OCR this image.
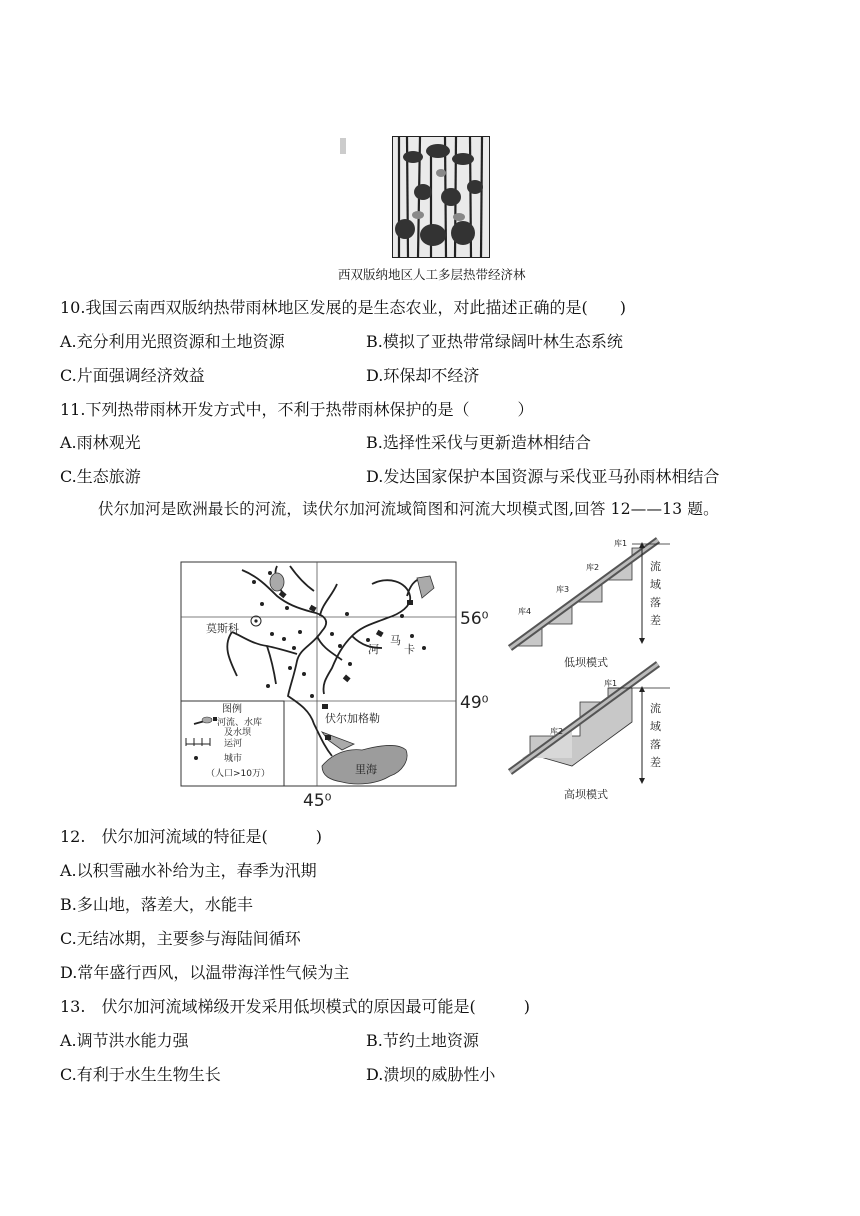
西双版纳地区人工多层热带经济林
10.我国云南西双版纳热带雨林地区发展的是生态农业，对此描述正确的是(　　)
A.充分利用光照资源和土地资源	B.模拟了亚热带常绿阔叶林生态系统
C.片面强调经济效益	D.环保却不经济
11.下列热带雨林开发方式中，不利于热带雨林保护的是（　　　）
A.雨林观光	B.选择性采伐与更新造林相结合
C.生态旅游	D.发达国家保护本国资源与采伐亚马孙雨林相结合
伏尔加河是欧洲最长的河流，读伏尔加河流域简图和河流大坝模式图,回答 12——13 题。
56⁰
49⁰
45⁰
莫斯科
伏尔加格勒
里海
河
马
卡
图例
河流、水库
及水坝
运河
城市
（人口>10万）
库1
库2
库3
库4
流
域
落
差
低坝模式
库1
库2
流
域
落
差
高坝模式
12.　伏尔加河流域的特征是(　　　)
A.以积雪融水补给为主，春季为汛期
B.多山地，落差大，水能丰
C.无结冰期，主要参与海陆间循环
D.常年盛行西风，以温带海洋性气候为主
13.　伏尔加河流域梯级开发采用低坝模式的原因最可能是(　　　)
A.调节洪水能力强	B.节约土地资源
C.有利于水生生物生长	D.溃坝的威胁性小
